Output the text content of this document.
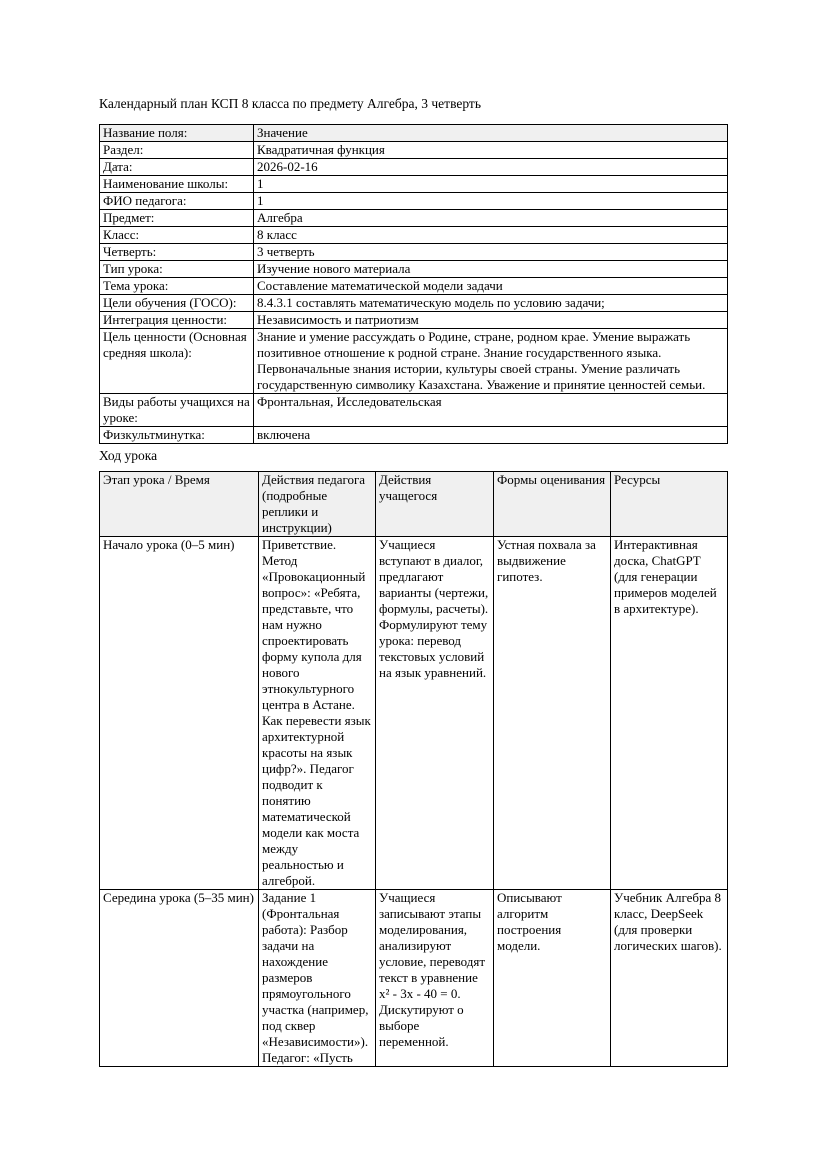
Календарный план КСП 8 класса по предмету Алгебра, 3 четверть
Название поля:	Значение
Раздел:	Квадратичная функция
Дата:	2026-02-16
Наименование школы:	1
ФИО педагога:	1
Предмет:	Алгебра
Класс:	8 класс
Четверть:	3 четверть
Тип урока:	Изучение нового материала
Тема урока:	Составление математической модели задачи
Цели обучения (ГОСО):	8.4.3.1 составлять математическую модель по условию задачи;
Интеграция ценности:	Независимость и патриотизм
Цель ценности (Основная средняя школа):	Знание и умение рассуждать о Родине, стране, родном крае. Умение выражать позитивное отношение к родной стране. Знание государственного языка. Первоначальные знания истории, культуры своей страны. Умение различать государственную символику Казахстана. Уважение и принятие ценностей семьи.
Виды работы учащихся на уроке:	Фронтальная, Исследовательская
Физкультминутка:	включена
Ход урока
Этап урока / Время	Действия педагога (подробные реплики и инструкции)	Действия учащегося	Формы оценивания	Ресурсы
Начало урока (0–5 мин)	Приветствие. Метод «Провокационный вопрос»: «Ребята, представьте, что нам нужно спроектировать форму купола для нового этнокультурного центра в Астане. Как перевести язык архитектурной красоты на язык цифр?». Педагог подводит к понятию математической модели как моста между реальностью и алгеброй.	Учащиеся вступают в диалог, предлагают варианты (чертежи, формулы, расчеты). Формулируют тему урока: перевод текстовых условий на язык уравнений.	Устная похвала за выдвижение гипотез.	Интерактивная доска, ChatGPT (для генерации примеров моделей в архитектуре).

Середина урока (5–35 мин)	Задание 1 (Фронтальная работа): Разбор задачи на нахождение размеров прямоугольного участка (например, под сквер «Независимости»). Педагог: «Пусть	Учащиеся записывают этапы моделирования, анализируют условие, переводят текст в уравнение x² - 3x - 40 = 0. Дискутируют о выборе переменной.	Описывают алгоритм построения модели.	Учебник Алгебра 8 класс, DeepSeek (для проверки логических шагов).
